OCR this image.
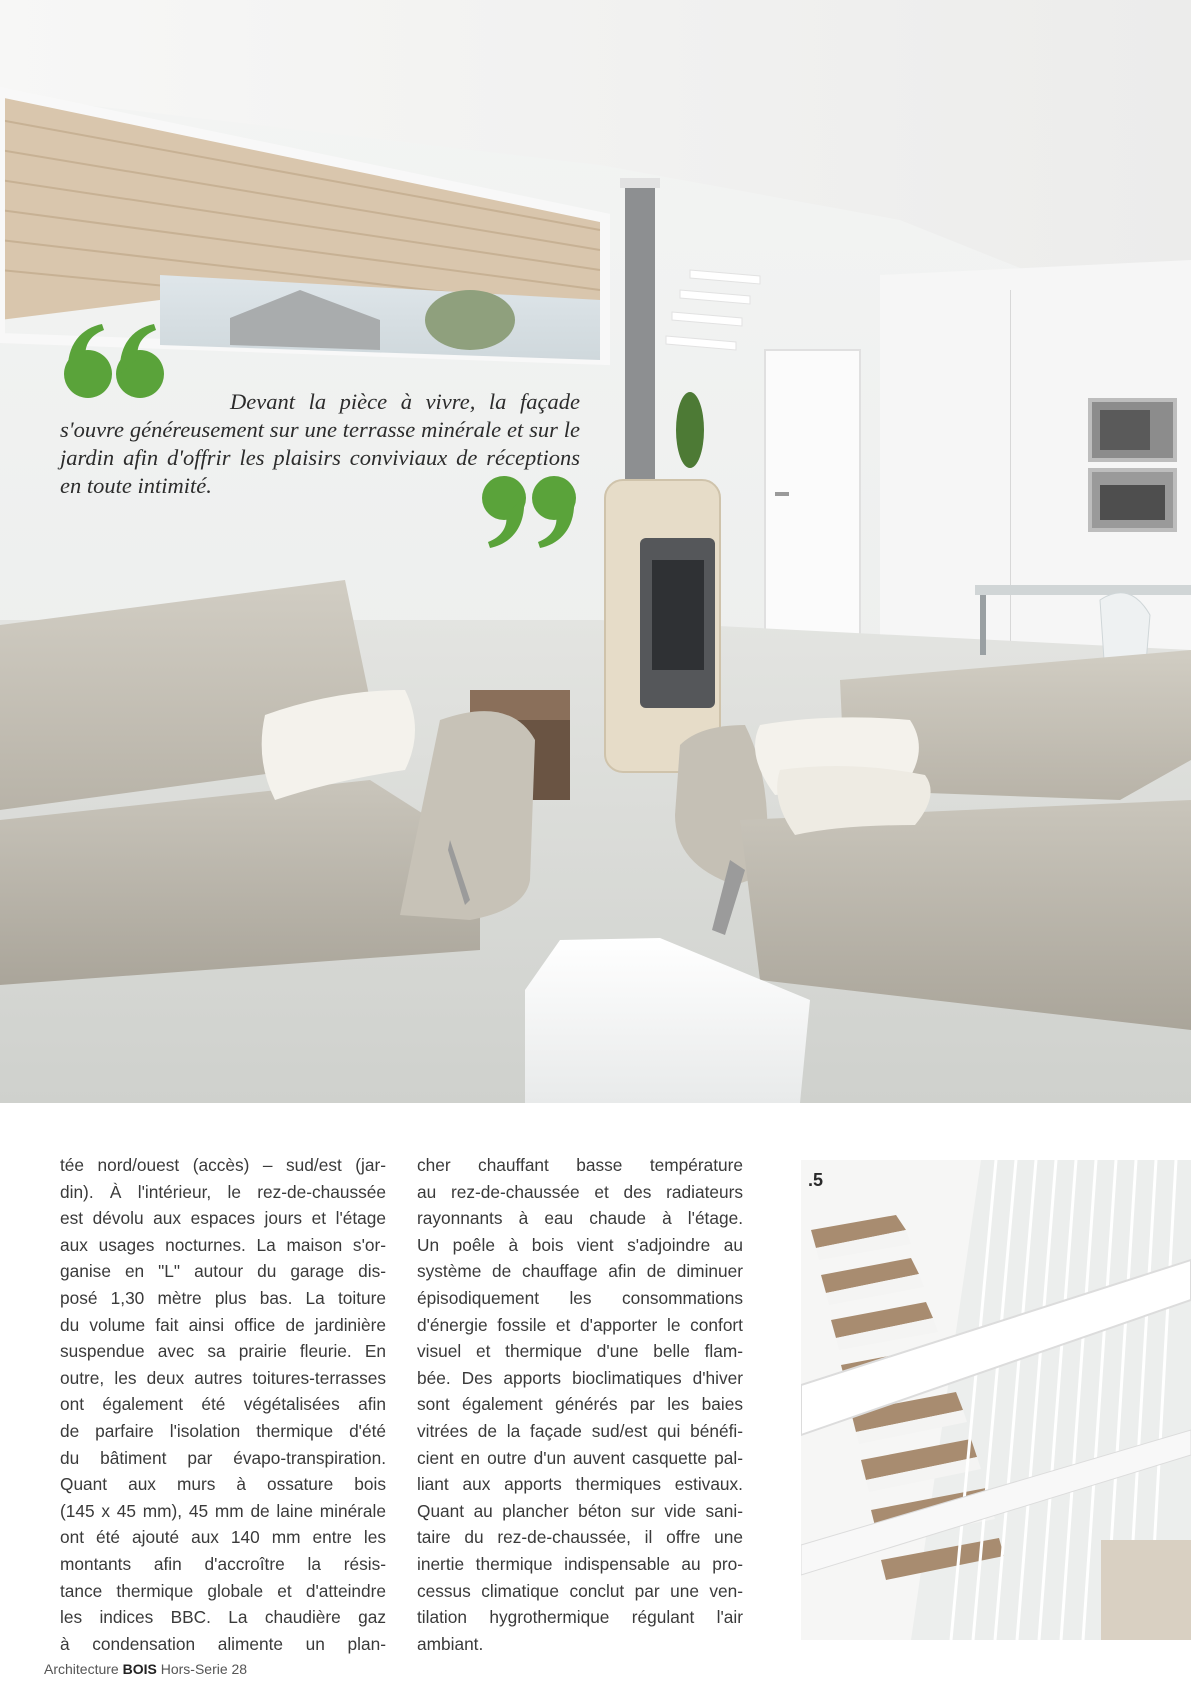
Devant la pièce à vivre, la façade s'ouvre généreusement sur une terrasse minérale et sur le jardin afin d'offrir les plaisirs conviviaux de réceptions en toute intimité.

tée nord/ouest (accès) – sud/est (jar-
din). À l'intérieur, le rez-de-chaussée
est dévolu aux espaces jours et l'étage
aux usages nocturnes. La maison s'or-
ganise en "L" autour du garage dis-
posé 1,30 mètre plus bas. La toiture
du volume fait ainsi office de jardinière
suspendue avec sa prairie fleurie. En
outre, les deux autres toitures-terrasses
ont également été végétalisées afin
de parfaire l'isolation thermique d'été
du bâtiment par évapo-transpiration.
Quant aux murs à ossature bois
(145 x 45 mm), 45 mm de laine minérale
ont été ajouté aux 140 mm entre les
montants afin d'accroître la résis-
tance thermique globale et d'atteindre
les indices BBC. La chaudière gaz
à condensation alimente un plan-
cher chauffant basse température
au rez-de-chaussée et des radiateurs
rayonnants à eau chaude à l'étage.
Un poêle à bois vient s'adjoindre au
système de chauffage afin de diminuer
épisodiquement les consommations
d'énergie fossile et d'apporter le confort
visuel et thermique d'une belle flam-
bée. Des apports bioclimatiques d'hiver
sont également générés par les baies
vitrées de la façade sud/est qui bénéfi-
cient en outre d'un auvent casquette pal-
liant aux apports thermiques estivaux.
Quant au plancher béton sur vide sani-
taire du rez-de-chaussée, il offre une
inertie thermique indispensable au pro-
cessus climatique conclut par une ven-
tilation hygrothermique régulant l'air
ambiant.
.5
Architecture BOIS Hors-Serie 28
